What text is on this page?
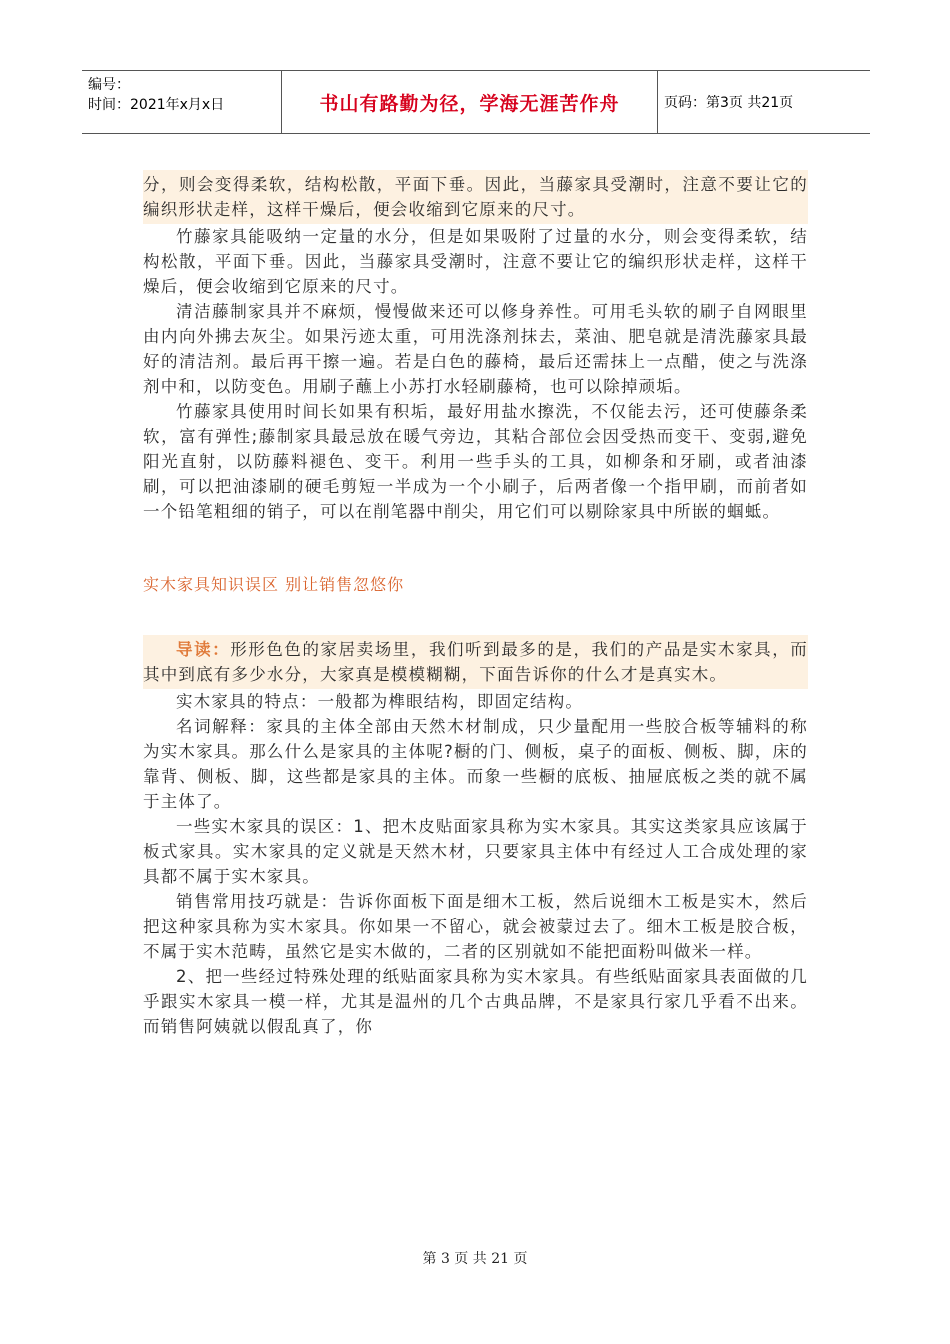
编号：
时间：2021年x月x日	书山有路勤为径，学海无涯苦作舟	页码：第3页 共21页

分，则会变得柔软，结构松散，平面下垂。因此，当藤家具受潮时，注意不要让它的编织形状走样，这样干燥后，便会收缩到它原来的尺寸。

竹藤家具能吸纳一定量的水分，但是如果吸附了过量的水分，则会变得柔软，结构松散，平面下垂。因此，当藤家具受潮时，注意不要让它的编织形状走样，这样干燥后，便会收缩到它原来的尺寸。

清洁藤制家具并不麻烦，慢慢做来还可以修身养性。可用毛头软的刷子自网眼里由内向外拂去灰尘。如果污迹太重，可用洗涤剂抹去，菜油、肥皂就是清洗藤家具最好的清洁剂。最后再干擦一遍。若是白色的藤椅，最后还需抹上一点醋，使之与洗涤剂中和，以防变色。用刷子蘸上小苏打水轻刷藤椅，也可以除掉顽垢。

竹藤家具使用时间长如果有积垢，最好用盐水擦洗，不仅能去污，还可使藤条柔软，富有弹性;藤制家具最忌放在暖气旁边，其粘合部位会因受热而变干、变弱,避免阳光直射，以防藤料褪色、变干。利用一些手头的工具，如柳条和牙刷，或者油漆刷，可以把油漆刷的硬毛剪短一半成为一个小刷子，后两者像一个指甲刷，而前者如一个铅笔粗细的销子，可以在削笔器中削尖，用它们可以剔除家具中所嵌的蝈蚳。

实木家具知识误区 别让销售忽悠你

导读：形形色色的家居卖场里，我们听到最多的是，我们的产品是实木家具，而其中到底有多少水分，大家真是模模糊糊，下面告诉你的什么才是真实木。

实木家具的特点：一般都为榫眼结构，即固定结构。

名词解释：家具的主体全部由天然木材制成，只少量配用一些胶合板等辅料的称为实木家具。那么什么是家具的主体呢?橱的门、侧板，桌子的面板、侧板、脚，床的靠背、侧板、脚，这些都是家具的主体。而象一些橱的底板、抽屉底板之类的就不属于主体了。

一些实木家具的误区：1、把木皮贴面家具称为实木家具。其实这类家具应该属于板式家具。实木家具的定义就是天然木材，只要家具主体中有经过人工合成处理的家具都不属于实木家具。

销售常用技巧就是：告诉你面板下面是细木工板，然后说细木工板是实木，然后把这种家具称为实木家具。你如果一不留心，就会被蒙过去了。细木工板是胶合板，不属于实木范畴，虽然它是实木做的，二者的区别就如不能把面粉叫做米一样。

2、把一些经过特殊处理的纸贴面家具称为实木家具。有些纸贴面家具表面做的几乎跟实木家具一模一样，尤其是温州的几个古典品牌，不是家具行家几乎看不出来。而销售阿姨就以假乱真了，你

第 3 页 共 21 页
